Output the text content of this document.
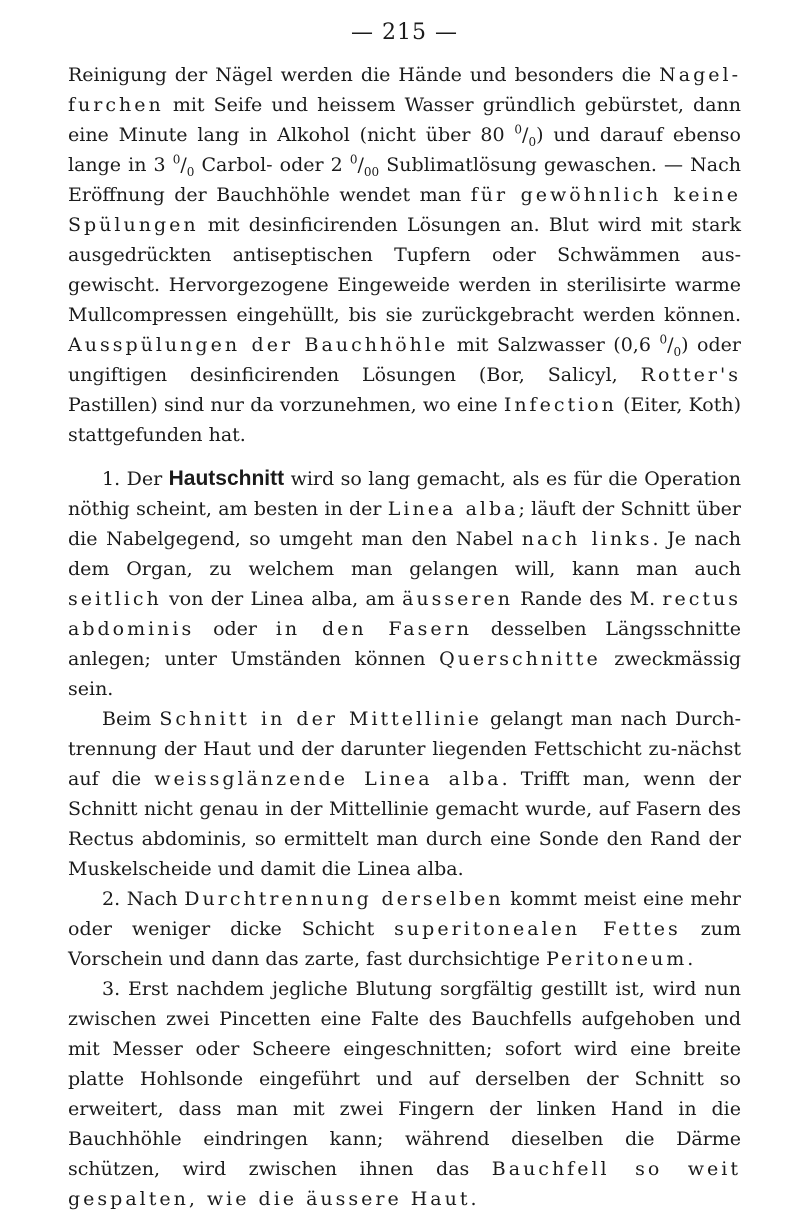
— 215 —

Reinigung der Nägel werden die Hände und besonders die Nagel-furchen mit Seife und heissem Wasser gründlich gebürstet, dann eine Minute lang in Alkohol (nicht über 80 $^0/_0$) und darauf ebenso lange in 3 $^0/_0$ Carbol- oder 2 $^0/_{00}$ Sublimatlösung gewaschen. — Nach Eröffnung der Bauchhöhle wendet man für gewöhnlich keine Spülungen mit desinficirenden Lösungen an. Blut wird mit stark ausgedrückten antiseptischen Tupfern oder Schwämmen aus-gewischt. Hervorgezogene Eingeweide werden in sterilisirte warme Mullcompressen eingehüllt, bis sie zurückgebracht werden können. Ausspülungen der Bauchhöhle mit Salzwasser (0,6 $^0/_0$) oder ungiftigen desinficirenden Lösungen (Bor, Salicyl, Rotter's Pastillen) sind nur da vorzunehmen, wo eine Infection (Eiter, Koth) stattgefunden hat.

1. Der Hautschnitt wird so lang gemacht, als es für die Operation nöthig scheint, am besten in der Linea alba; läuft der Schnitt über die Nabelgegend, so umgeht man den Nabel nach links. Je nach dem Organ, zu welchem man gelangen will, kann man auch seitlich von der Linea alba, am äusseren Rande des M. rectus abdominis oder in den Fasern desselben Längsschnitte anlegen; unter Umständen können Querschnitte zweckmässig sein.

Beim Schnitt in der Mittellinie gelangt man nach Durch-trennung der Haut und der darunter liegenden Fettschicht zu-nächst auf die weissglänzende Linea alba. Trifft man, wenn der Schnitt nicht genau in der Mittellinie gemacht wurde, auf Fasern des Rectus abdominis, so ermittelt man durch eine Sonde den Rand der Muskelscheide und damit die Linea alba.

2. Nach Durchtrennung derselben kommt meist eine mehr oder weniger dicke Schicht superitonealen Fettes zum Vorschein und dann das zarte, fast durchsichtige Peritoneum.

3. Erst nachdem jegliche Blutung sorgfältig gestillt ist, wird nun zwischen zwei Pincetten eine Falte des Bauchfells aufgehoben und mit Messer oder Scheere eingeschnitten; sofort wird eine breite platte Hohlsonde eingeführt und auf derselben der Schnitt so erweitert, dass man mit zwei Fingern der linken Hand in die Bauchhöhle eindringen kann; während dieselben die Därme schützen, wird zwischen ihnen das Bauchfell so weit gespalten, wie die äussere Haut.
